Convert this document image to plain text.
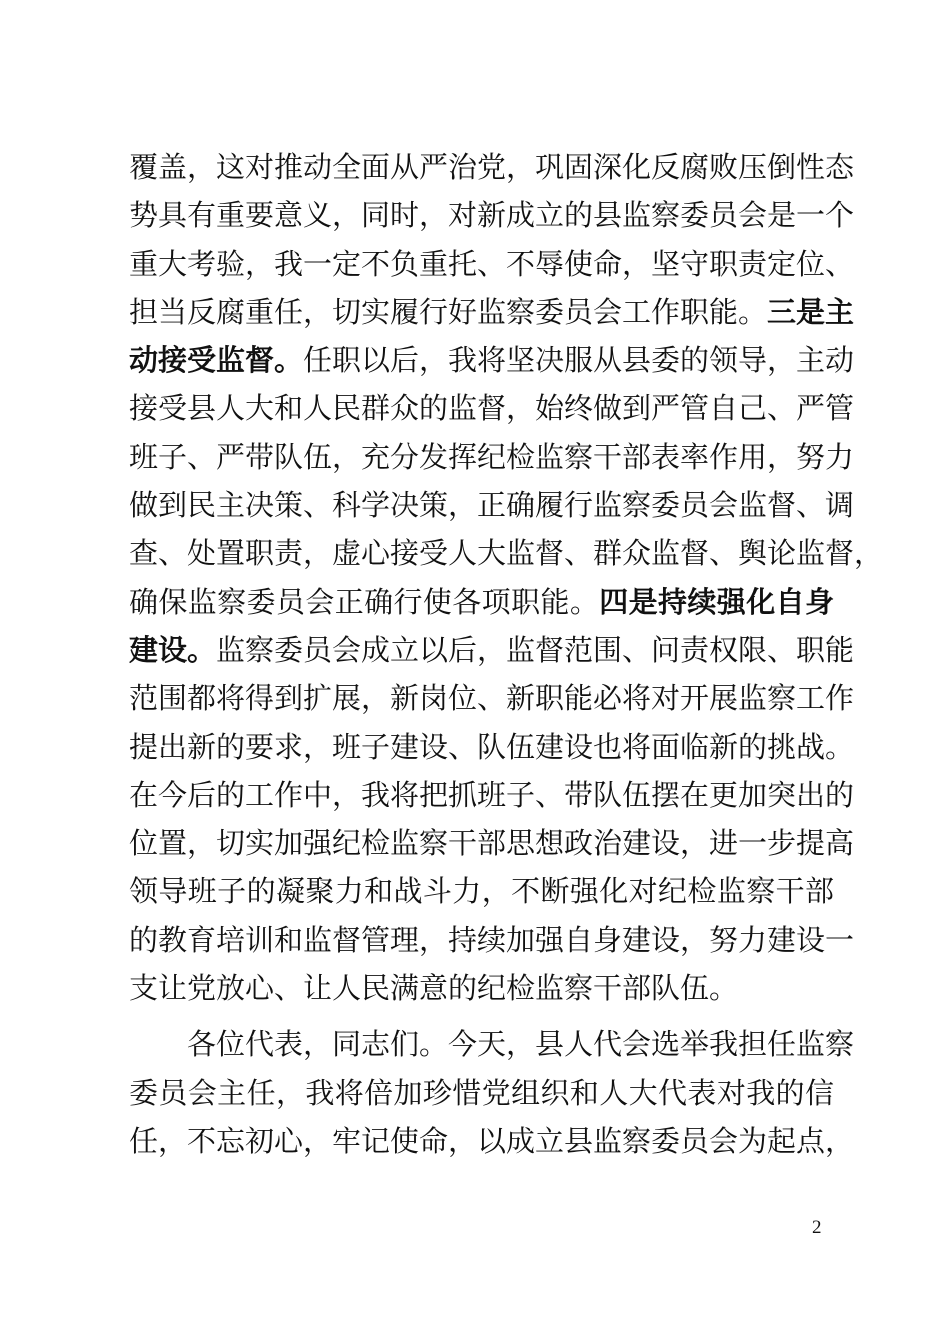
覆盖，这对推动全面从严治党，巩固深化反腐败压倒性态
势具有重要意义，同时，对新成立的县监察委员会是一个
重大考验，我一定不负重托、不辱使命，坚守职责定位、
担当反腐重任，切实履行好监察委员会工作职能。三是主
动接受监督。任职以后，我将坚决服从县委的领导，主动
接受县人大和人民群众的监督，始终做到严管自己、严管
班子、严带队伍，充分发挥纪检监察干部表率作用，努力
做到民主决策、科学决策，正确履行监察委员会监督、调
查、处置职责，虚心接受人大监督、群众监督、舆论监督，
确保监察委员会正确行使各项职能。四是持续强化自身
建设。监察委员会成立以后，监督范围、问责权限、职能
范围都将得到扩展，新岗位、新职能必将对开展监察工作
提出新的要求，班子建设、队伍建设也将面临新的挑战。
在今后的工作中，我将把抓班子、带队伍摆在更加突出的
位置，切实加强纪检监察干部思想政治建设，进一步提高
领导班子的凝聚力和战斗力，不断强化对纪检监察干部
的教育培训和监督管理，持续加强自身建设，努力建设一
支让党放心、让人民满意的纪检监察干部队伍。
各位代表，同志们。今天，县人代会选举我担任监察
委员会主任，我将倍加珍惜党组织和人大代表对我的信
任，不忘初心，牢记使命，以成立县监察委员会为起点，
2
